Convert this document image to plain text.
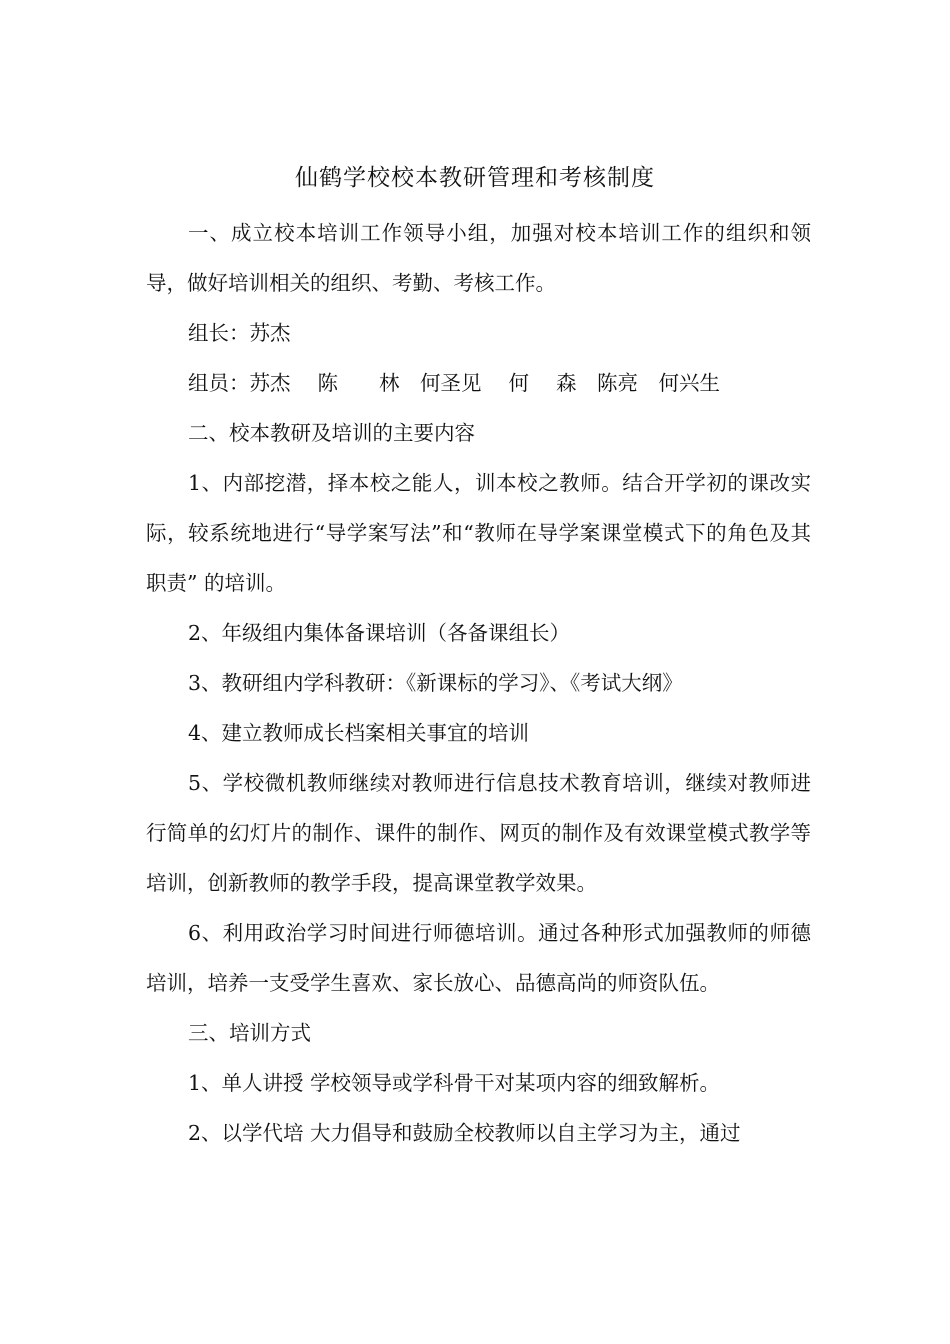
仙鹤学校校本教研管理和考核制度

一、成立校本培训工作领导小组，加强对校本培训工作的组织和领导，做好培训相关的组织、考勤、考核工作。

组长：苏杰

组员：苏杰　 陈　　林　何圣见　 何　 森　陈亮　何兴生

二、校本教研及培训的主要内容

1、内部挖潜，择本校之能人，训本校之教师。结合开学初的课改实际，较系统地进行“导学案写法”和“教师在导学案课堂模式下的角色及其职责” 的培训。

2、年级组内集体备课培训（各备课组长）

3、教研组内学科教研：《新课标的学习》、《考试大纲》

4、建立教师成长档案相关事宜的培训

5、学校微机教师继续对教师进行信息技术教育培训，继续对教师进行简单的幻灯片的制作、课件的制作、网页的制作及有效课堂模式教学等培训，创新教师的教学手段，提高课堂教学效果。

6、利用政治学习时间进行师德培训。通过各种形式加强教师的师德培训，培养一支受学生喜欢、家长放心、品德高尚的师资队伍。

三、培训方式

1、单人讲授 学校领导或学科骨干对某项内容的细致解析。

2、以学代培 大力倡导和鼓励全校教师以自主学习为主，通过
